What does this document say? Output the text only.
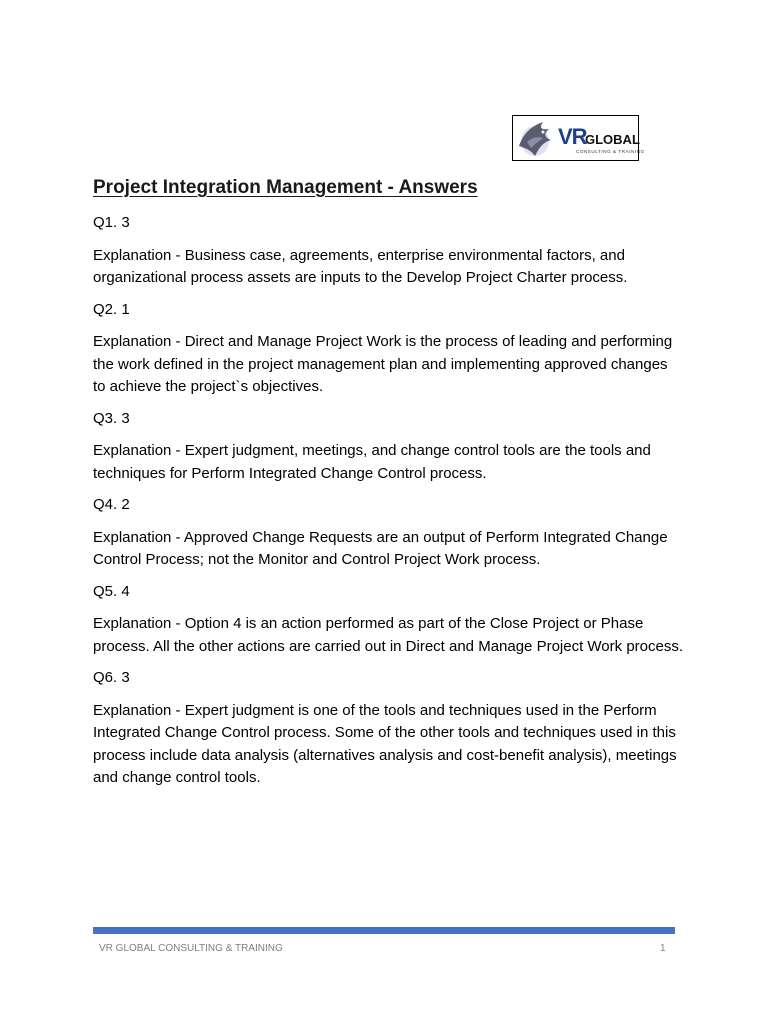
VR
GLOBAL
CONSULTING & TRAINING
Project Integration Management - Answers
Q1. 3
Explanation - Business case, agreements, enterprise environmental factors, and organizational process assets are inputs to the Develop Project Charter process.
Q2. 1
Explanation - Direct and Manage Project Work is the process of leading and performing the work defined in the project management plan and implementing approved changes to achieve the project`s objectives.
Q3. 3
Explanation - Expert judgment, meetings, and change control tools are the tools and techniques for Perform Integrated Change Control process.
Q4. 2
Explanation - Approved Change Requests are an output of Perform Integrated Change Control Process; not the Monitor and Control Project Work process.
Q5. 4
Explanation - Option 4 is an action performed as part of the Close Project or Phase process. All the other actions are carried out in Direct and Manage Project Work process.
Q6. 3
Explanation - Expert judgment is one of the tools and techniques used in the Perform Integrated Change Control process. Some of the other tools and techniques used in this process include data analysis (alternatives analysis and cost-benefit analysis), meetings and change control tools.
VR GLOBAL CONSULTING & TRAINING	1
